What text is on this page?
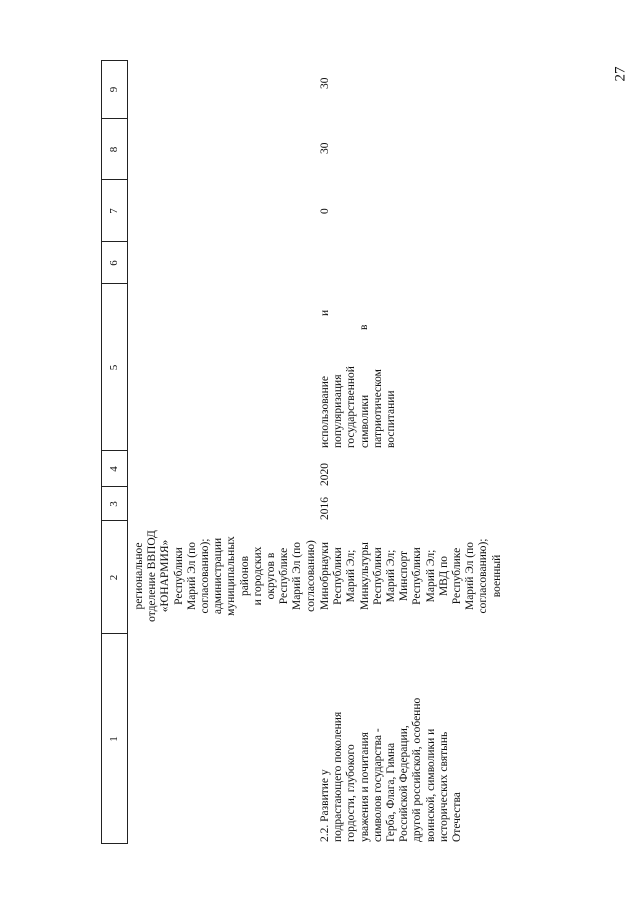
27
1
2
3
4
5
6
7
8
9
региональное
отделение ВВПОД
«ЮНАРМИЯ»
Республики
Марий Эл (по
согласованию);
администрации
муниципальных
районов
и городских
округов в
Республике
Марий Эл (по
согласованию)
2.2. Развитие у
подрастающего поколения
гордости, глубокого
уважения и почитания
символов государства -
Герба, Флага, Гимна
Российской Федерации,
другой российской, особенно
воинской, символики и
исторических святынь
Отечества
Минобрнауки
Республики
Марий Эл;
Минкультуры
Республики
Марий Эл;
Минспорт
Республики
Марий Эл;
МВД по
Республике
Марий Эл (по
согласованию);
военный
2016
2020
использование
популяризация
государственной
символики
патриотическом
воспитании
и
в
0
30
30
